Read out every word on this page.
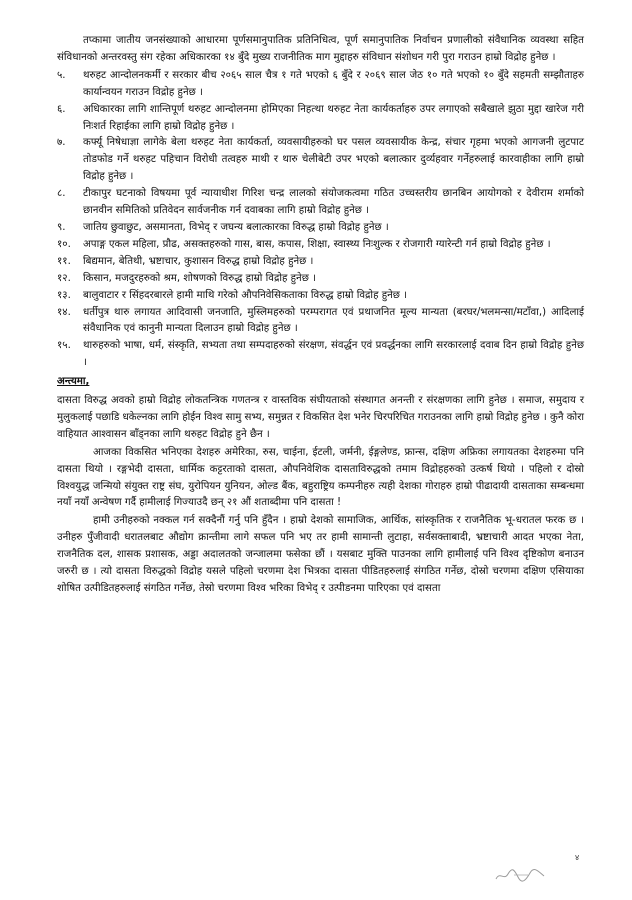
तप्कामा जातीय जनसंख्याको आधारमा पूर्णसमानुपातिक प्रतिनिधित्व, पूर्ण समानुपातिक निर्वाचन प्रणालीको संवैधानिक व्यवस्था सहित संविधानको अन्तरवस्तु संग रहेका अधिकारका १४ बुँदे मुख्य राजनीतिक माग मुद्दाहरु संविधान संशोधन गरी पुरा गराउन हाम्रो विद्रोह हुनेछ ।

५.	थरुहट आन्दोलनकर्मी र सरकार बीच २०६५ साल चैत्र १ गते भएको ६ बुँदे र २०६९ साल जेठ १० गते भएको १० बुँदे सहमती सम्झौताहरु कार्यान्वयन गराउन विद्रोह हुनेछ ।
६.	अधिकारका लागि शान्तिपूर्ण थरुहट आन्दोलनमा होमिएका निहत्था थरुहट नेता कार्यकर्ताहरु उपर लगाएको सबैखाले झुठा मुद्दा खारेज गरी निःशर्त रिहाईका लागि हाम्रो विद्रोह हुनेछ ।
७.	कर्फ्यू निषेधाज्ञा लागेके बेला थरुहट नेता कार्यकर्ता, व्यवसायीहरुको घर पसल व्यवसायीक केन्द्र, संचार गृहमा भएको आगजनी लुटपाट तोडफोड गर्ने थरुहट पहिचान विरोधी तत्वहरु माथी र थारु चेलीबेटी उपर भएको बलात्कार दुर्व्यहवार गर्नेहरुलाई कारवाहीका लागि हाम्रो विद्रोह हुनेछ ।
८.	टीकापुर घटनाको विषयमा पूर्व न्यायाधीश गिरिश चन्द्र लालको संयोजकत्वमा गठित उच्चस्तरीय छानबिन आयोगको र देवीराम शर्माको छानवीन समितिको प्रतिवेदन सार्वजनीक गर्न दवाबका लागि हाम्रो विद्रोह हुनेछ ।
९.	जातिय छुवाछुट, असमानता, विभेद् र जघन्य बलात्कारका विरुद्ध हाम्रो विद्रोह हुनेछ ।
१०.	अपाङ्ग एकल महिला, प्रौढ, असक्तहरुको गास, बास, कपास, शिक्षा, स्वास्थ्य निःशुल्क र रोजगारी ग्यारेन्टी गर्न हाम्रो विद्रोह हुनेछ ।
११.	बिद्यमान, बेतिथी, भ्रष्टाचार, कुशासन विरुद्ध हाम्रो विद्रोह हुनेछ ।
१२.	किसान, मजदुरहरुको श्रम, शोषणको विरुद्ध हाम्रो विद्रोह हुनेछ ।
१३.	बालुवाटार र सिंहदरबारले हामी माथि गरेको औपनिवेसिकताका विरुद्ध हाम्रो विद्रोह हुनेछ ।
१४.	धर्तीपुत्र थारु लगायत आदिवासी जनजाति, मुस्लिमहरुको परम्परागत एवं प्रथाजनित मूल्य मान्यता (बरघर/भलमन्सा/मटाँवा,) आदिलाई संवैधानिक एवं कानुनी मान्यता दिलाउन हाम्रो विद्रोह हुनेछ ।
१५.	थारुहरुको भाषा, धर्म, संस्कृति, सभ्यता तथा सम्पदाहरुको संरक्षण, संवर्द्धन एवं प्रवर्द्धनका लागि सरकारलाई दवाब दिन हाम्रो विद्रोह हुनेछ ।
अन्त्यमा,

दासता विरुद्ध अवको हाम्रो विद्रोह लोकतन्त्रिक गणतन्त्र र वास्तविक संघीयताको संस्थागत अनन्ती र संरक्षणका लागि हुनेछ । समाज, समुदाय र मुलुकलाई पछाडि धकेल्नका लागि होईन विश्व सामु सभ्य, समुन्नत र विकसित देश भनेर चिरपरिचित गराउनका लागि हाम्रो विद्रोह हुनेछ । कुनै कोरा वाहियात आश्वासन बाँड्नका लागि थरुहट विद्रोह हुने छैन ।

आजका विकसित भनिएका देशहरु अमेरिका, रुस, चाईना, ईटली, जर्मनी, ईङ्गलेण्ड, फ्रान्स, दक्षिण अफ्रिका लगायतका देशहरुमा पनि दासता थियो । रङ्गभेदी दासता, धार्मिक कट्टरताको दासता, औपनिवेशिक दासताविरुद्धको तमाम विद्रोहहरुको उत्कर्ष थियो । पहिलो र दोस्रो विश्वयुद्ध जन्मियो संयुक्त राष्ट्र संघ, युरोपियन युनियन, ओल्ड बैंक, बहुराष्ट्रिय कम्पनीहरु त्यही देशका गोराहरु हाम्रो पीढादायी दासताका सम्बन्धमा नयाँ नयाँ अन्वेषण गर्दै हामीलाई गिज्याउदै छन् २१ औं शताब्दीमा पनि दासता !

हामी उनीहरुको नक्कल गर्न सक्दैनौं गर्नु पनि हुँदैन । हाम्रो देशको सामाजिक, आर्थिक, सांस्कृतिक र राजनैतिक भू-धरातल फरक छ । उनीहरु पुँजीवादी धरातलबाट औद्योग क्रान्तीमा लागे सफल पनि भए तर हामी सामान्ती लुटाहा, सर्वसक्ताबादी, भ्रष्टाचारी आदत भएका नेता, राजनैतिक दल, शासक प्रशासक, अड्डा अदालतको जन्जालमा फसेका छौं । यसबाट मुक्ति पाउनका लागि हामीलाई पनि विश्व दृष्टिकोण बनाउन जरुरी छ । त्यो दासता विरुद्धको विद्रोह यसले पहिलो चरणमा देश भित्रका दासता पीडितहरुलाई संगठित गर्नेछ, दोस्रो चरणमा दक्षिण एसियाका शोषित उत्पीडितहरुलाई संगठित गर्नेछ, तेस्रो चरणमा विश्व भरिका विभेद् र उत्पीडनमा पारिएका एवं दासता

४
